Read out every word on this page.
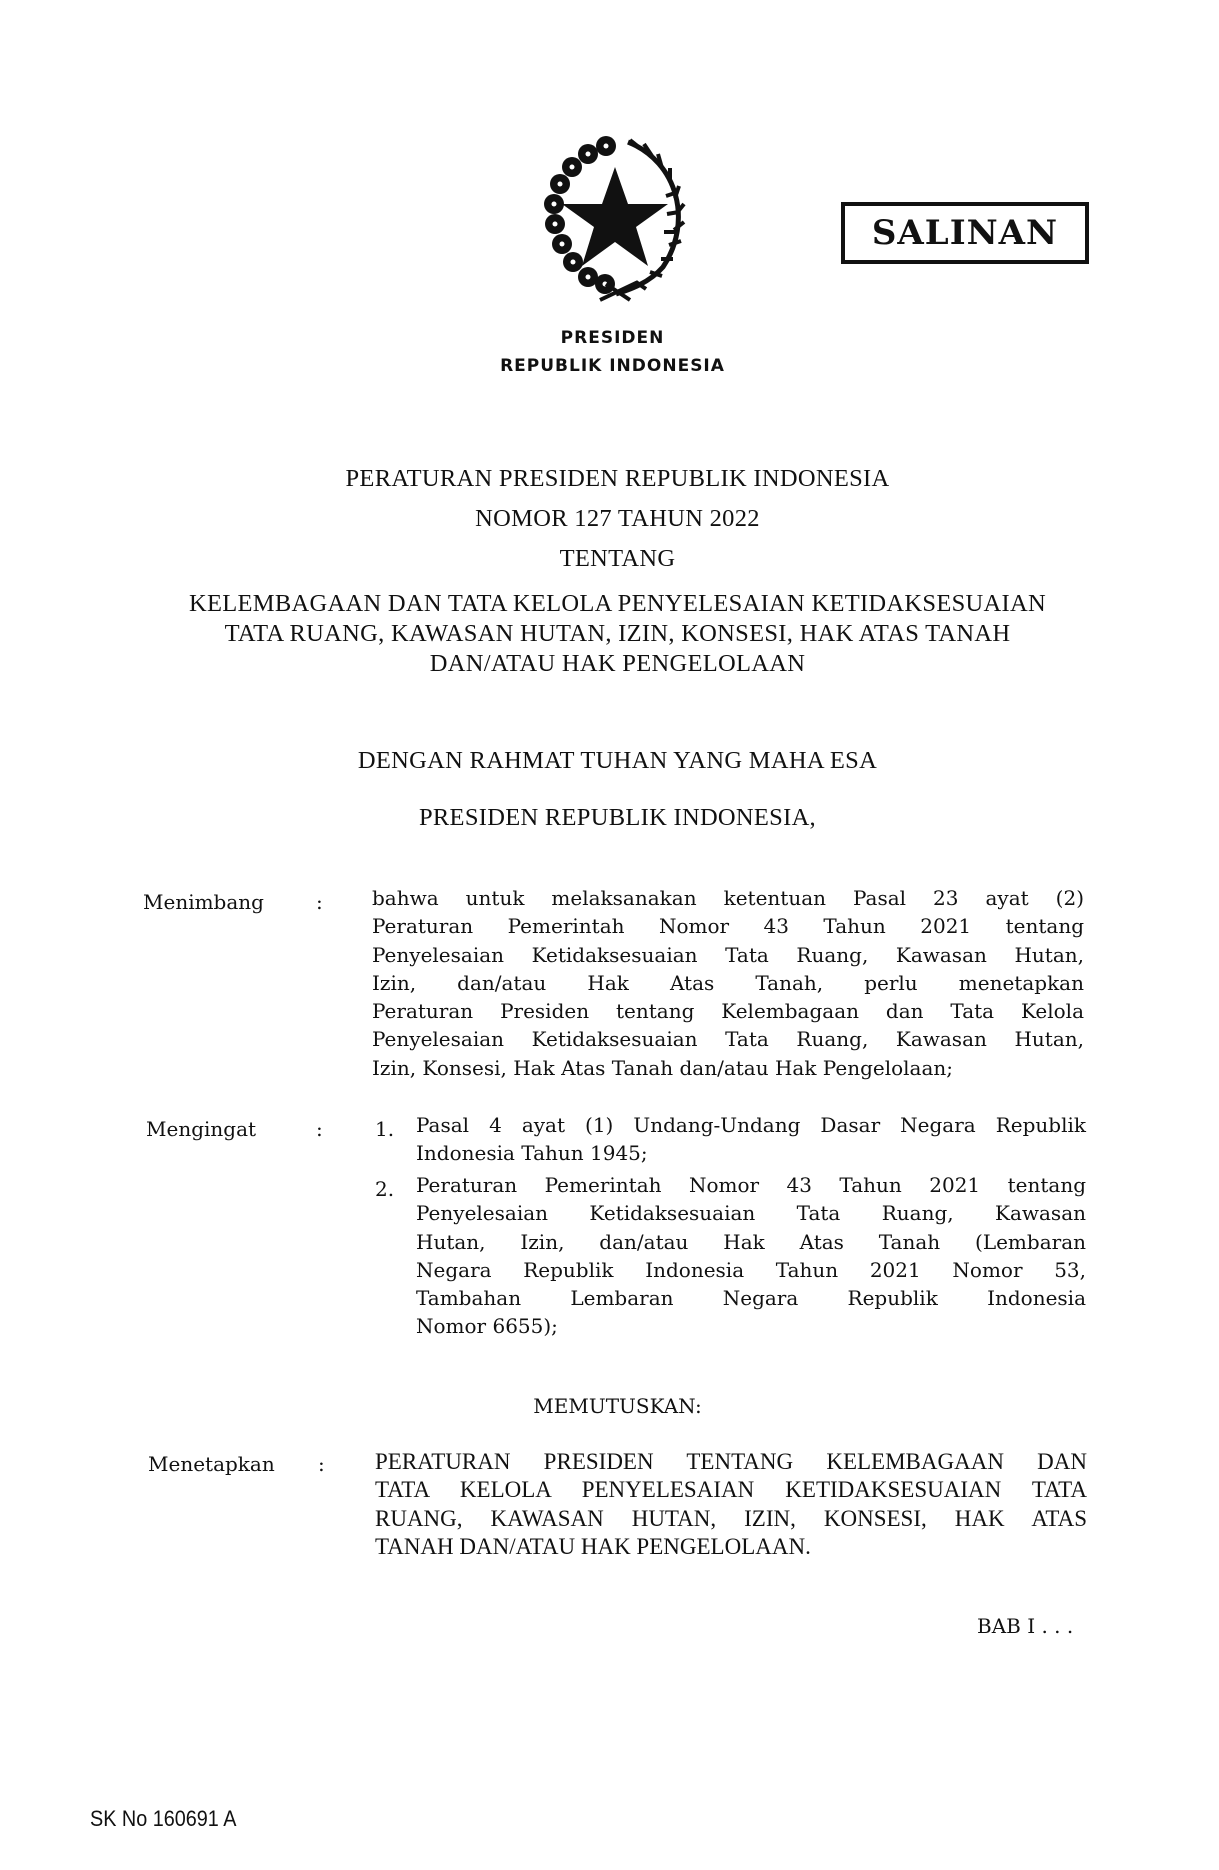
PRESIDEN
REPUBLIK INDONESIA
SALINAN
PERATURAN PRESIDEN REPUBLIK INDONESIA
NOMOR 127 TAHUN 2022
TENTANG
KELEMBAGAAN DAN TATA KELOLA PENYELESAIAN KETIDAKSESUAIAN
TATA RUANG, KAWASAN HUTAN, IZIN, KONSESI, HAK ATAS TANAH
DAN/ATAU HAK PENGELOLAAN
DENGAN RAHMAT TUHAN YANG MAHA ESA
PRESIDEN REPUBLIK INDONESIA,
Menimbang	: bahwa untuk melaksanakan ketentuan Pasal 23 ayat (2)
Peraturan Pemerintah Nomor 43 Tahun 2021 tentang
Penyelesaian Ketidaksesuaian Tata Ruang, Kawasan Hutan,
Izin, dan/atau Hak Atas Tanah, perlu menetapkan
Peraturan Presiden tentang Kelembagaan dan Tata Kelola
Penyelesaian Ketidaksesuaian Tata Ruang, Kawasan Hutan,
Izin, Konsesi, Hak Atas Tanah dan/atau Hak Pengelolaan;
Mengingat	:	1. Pasal 4 ayat (1) Undang-Undang Dasar Negara Republik
Indonesia Tahun 1945;
2. Peraturan Pemerintah Nomor 43 Tahun 2021 tentang
Penyelesaian Ketidaksesuaian Tata Ruang, Kawasan
Hutan, Izin, dan/atau Hak Atas Tanah (Lembaran
Negara Republik Indonesia Tahun 2021 Nomor 53,
Tambahan Lembaran Negara Republik Indonesia
Nomor 6655);
MEMUTUSKAN:
Menetapkan : PERATURAN PRESIDEN TENTANG KELEMBAGAAN DAN
TATA KELOLA PENYELESAIAN KETIDAKSESUAIAN TATA
RUANG, KAWASAN HUTAN, IZIN, KONSESI, HAK ATAS
TANAH DAN/ATAU HAK PENGELOLAAN.
BAB I . . .
SK No 160691 A
